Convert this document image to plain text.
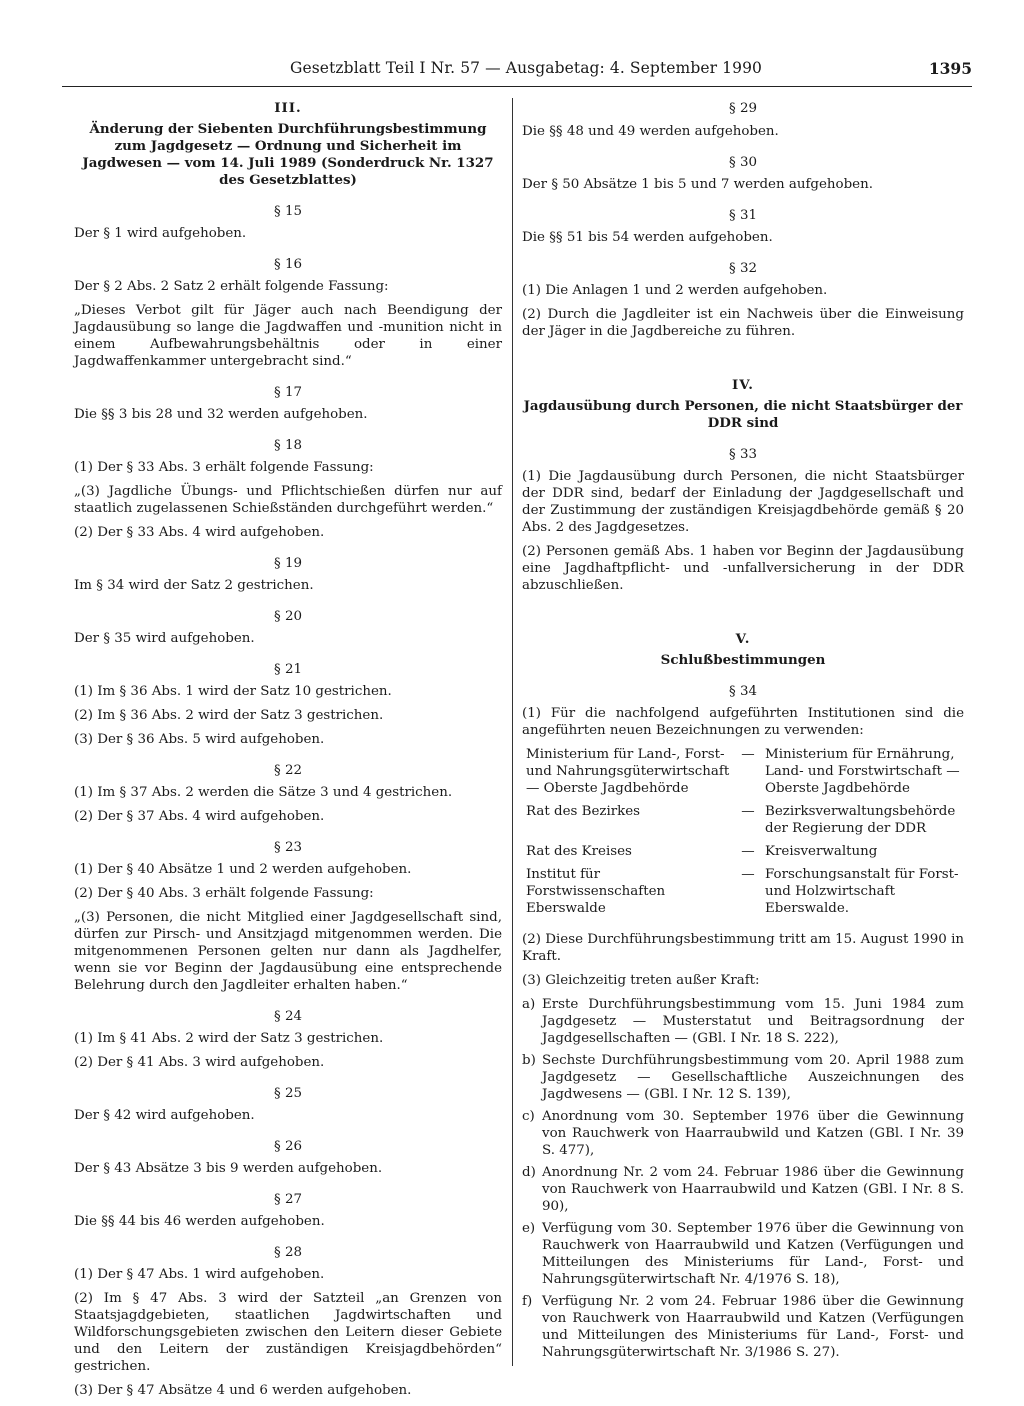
Gesetzblatt Teil I Nr. 57 — Ausgabetag: 4. September 1990	1395
III.
Änderung der Siebenten Durchführungsbestimmung zum Jagdgesetz — Ordnung und Sicherheit im Jagdwesen — vom 14. Juli 1989 (Sonderdruck Nr. 1327 des Gesetzblattes)
§ 15

Der § 1 wird aufgehoben.

§ 16

Der § 2 Abs. 2 Satz 2 erhält folgende Fassung:

„Dieses Verbot gilt für Jäger auch nach Beendigung der Jagdausübung so lange die Jagdwaffen und -munition nicht in einem Aufbewahrungsbehältnis oder in einer Jagdwaffenkammer untergebracht sind.“

§ 17

Die §§ 3 bis 28 und 32 werden aufgehoben.

§ 18

(1) Der § 33 Abs. 3 erhält folgende Fassung:

„(3) Jagdliche Übungs- und Pflichtschießen dürfen nur auf staatlich zugelassenen Schießständen durchgeführt werden.“

(2) Der § 33 Abs. 4 wird aufgehoben.

§ 19

Im § 34 wird der Satz 2 gestrichen.

§ 20

Der § 35 wird aufgehoben.

§ 21

(1) Im § 36 Abs. 1 wird der Satz 10 gestrichen.

(2) Im § 36 Abs. 2 wird der Satz 3 gestrichen.

(3) Der § 36 Abs. 5 wird aufgehoben.

§ 22

(1) Im § 37 Abs. 2 werden die Sätze 3 und 4 gestrichen.

(2) Der § 37 Abs. 4 wird aufgehoben.

§ 23

(1) Der § 40 Absätze 1 und 2 werden aufgehoben.

(2) Der § 40 Abs. 3 erhält folgende Fassung:

„(3) Personen, die nicht Mitglied einer Jagdgesellschaft sind, dürfen zur Pirsch- und Ansitzjagd mitgenommen werden. Die mitgenommenen Personen gelten nur dann als Jagdhelfer, wenn sie vor Beginn der Jagdausübung eine entsprechende Belehrung durch den Jagdleiter erhalten haben.“

§ 24

(1) Im § 41 Abs. 2 wird der Satz 3 gestrichen.

(2) Der § 41 Abs. 3 wird aufgehoben.

§ 25

Der § 42 wird aufgehoben.

§ 26

Der § 43 Absätze 3 bis 9 werden aufgehoben.

§ 27

Die §§ 44 bis 46 werden aufgehoben.

§ 28

(1) Der § 47 Abs. 1 wird aufgehoben.

(2) Im § 47 Abs. 3 wird der Satzteil „an Grenzen von Staatsjagdgebieten, staatlichen Jagdwirtschaften und Wildforschungsgebieten zwischen den Leitern dieser Gebiete und den Leitern der zuständigen Kreisjagdbehörden“ gestrichen.

(3) Der § 47 Absätze 4 und 6 werden aufgehoben.

§ 29

Die §§ 48 und 49 werden aufgehoben.

§ 30

Der § 50 Absätze 1 bis 5 und 7 werden aufgehoben.

§ 31

Die §§ 51 bis 54 werden aufgehoben.

§ 32

(1) Die Anlagen 1 und 2 werden aufgehoben.

(2) Durch die Jagdleiter ist ein Nachweis über die Einweisung der Jäger in die Jagdbereiche zu führen.

IV.
Jagdausübung durch Personen, die nicht Staatsbürger der DDR sind
§ 33

(1) Die Jagdausübung durch Personen, die nicht Staatsbürger der DDR sind, bedarf der Einladung der Jagdgesellschaft und der Zustimmung der zuständigen Kreisjagdbehörde gemäß § 20 Abs. 2 des Jagdgesetzes.

(2) Personen gemäß Abs. 1 haben vor Beginn der Jagdausübung eine Jagdhaftpflicht- und -unfallversicherung in der DDR abzuschließen.

V.
Schlußbestimmungen
§ 34

(1) Für die nachfolgend aufgeführten Institutionen sind die angeführten neuen Bezeichnungen zu verwenden:

Ministerium für Land-, Forst- und Nahrungsgüterwirtschaft — Oberste Jagdbehörde	—	Ministerium für Ernährung, Land- und Forstwirtschaft — Oberste Jagdbehörde
Rat des Bezirkes	—	Bezirksverwaltungsbehörde der Regierung der DDR
Rat des Kreises	—	Kreisverwaltung
Institut für Forstwissenschaften Eberswalde	—	Forschungsanstalt für Forst- und Holzwirtschaft Eberswalde.

(2) Diese Durchführungsbestimmung tritt am 15. August 1990 in Kraft.

(3) Gleichzeitig treten außer Kraft:

a) Erste Durchführungsbestimmung vom 15. Juni 1984 zum Jagdgesetz — Musterstatut und Beitragsordnung der Jagdgesellschaften — (GBl. I Nr. 18 S. 222),
b) Sechste Durchführungsbestimmung vom 20. April 1988 zum Jagdgesetz — Gesellschaftliche Auszeichnungen des Jagdwesens — (GBl. I Nr. 12 S. 139),
c) Anordnung vom 30. September 1976 über die Gewinnung von Rauchwerk von Haarraubwild und Katzen (GBl. I Nr. 39 S. 477),
d) Anordnung Nr. 2 vom 24. Februar 1986 über die Gewinnung von Rauchwerk von Haarraubwild und Katzen (GBl. I Nr. 8 S. 90),
e) Verfügung vom 30. September 1976 über die Gewinnung von Rauchwerk von Haarraubwild und Katzen (Verfügungen und Mitteilungen des Ministeriums für Land-, Forst- und Nahrungsgüterwirtschaft Nr. 4/1976 S. 18),
f) Verfügung Nr. 2 vom 24. Februar 1986 über die Gewinnung von Rauchwerk von Haarraubwild und Katzen (Verfügungen und Mitteilungen des Ministeriums für Land-, Forst- und Nahrungsgüterwirtschaft Nr. 3/1986 S. 27).
